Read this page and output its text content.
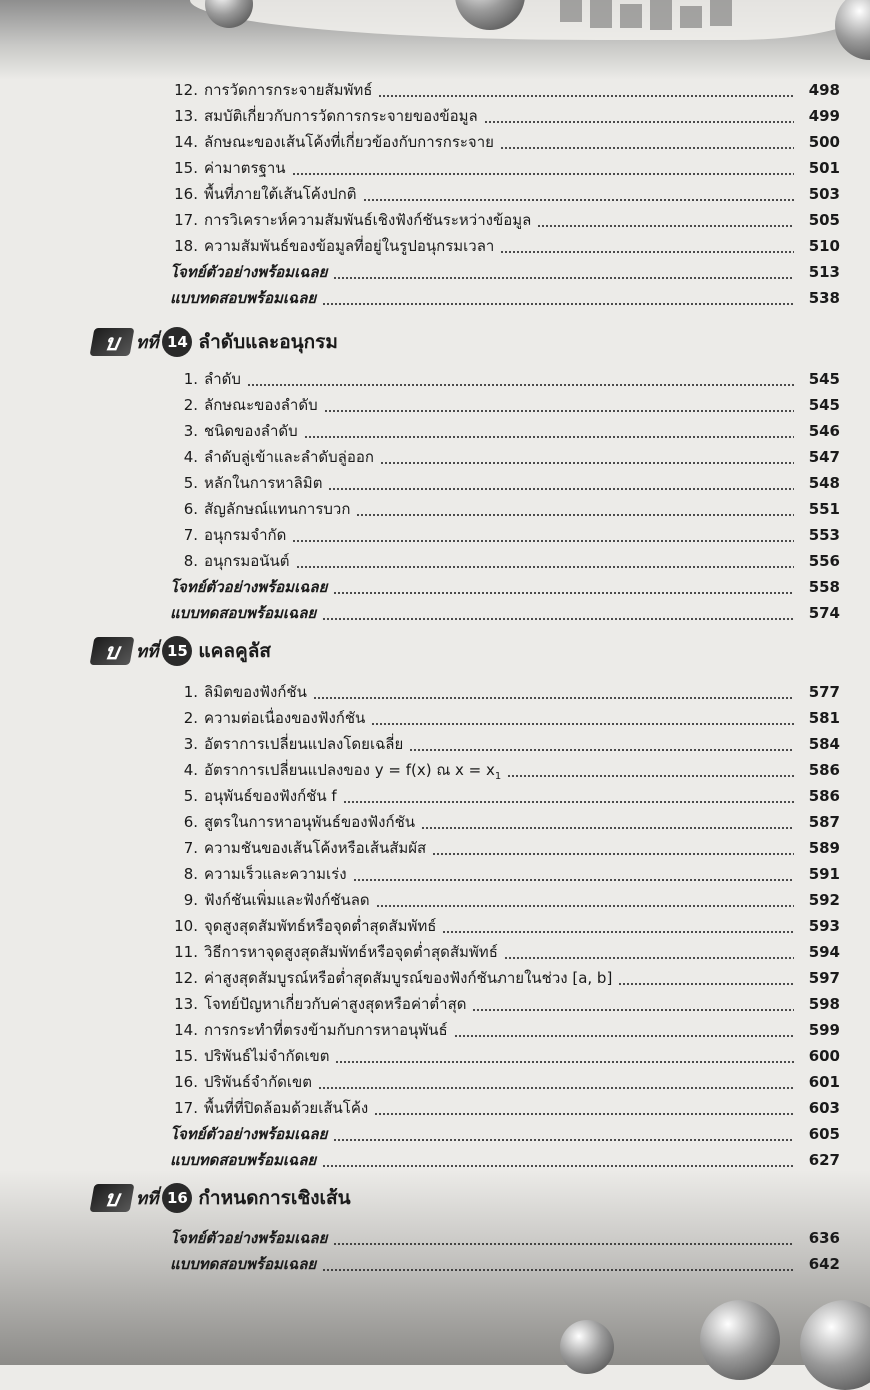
12. การวัดการกระจายสัมพัทธ์	498
13. สมบัติเกี่ยวกับการวัดการกระจายของข้อมูล	499
14. ลักษณะของเส้นโค้งที่เกี่ยวข้องกับการกระจาย	500
15. ค่ามาตรฐาน	501
16. พื้นที่ภายใต้เส้นโค้งปกติ	503
17. การวิเคราะห์ความสัมพันธ์เชิงฟังก์ชันระหว่างข้อมูล	505
18. ความสัมพันธ์ของข้อมูลที่อยู่ในรูปอนุกรมเวลา	510
โจทย์ตัวอย่างพร้อมเฉลย	513
แบบทดสอบพร้อมเฉลย	538
บ ทที่ 14 ลำดับและอนุกรม
1. ลำดับ	545
2. ลักษณะของลำดับ	545
3. ชนิดของลำดับ	546
4. ลำดับลู่เข้าและลำดับลู่ออก	547
5. หลักในการหาลิมิต	548
6. สัญลักษณ์แทนการบวก	551
7. อนุกรมจำกัด	553
8. อนุกรมอนันต์	556
โจทย์ตัวอย่างพร้อมเฉลย	558
แบบทดสอบพร้อมเฉลย	574
บ ทที่ 15 แคลคูลัส
1. ลิมิตของฟังก์ชัน	577
2. ความต่อเนื่องของฟังก์ชัน	581
3. อัตราการเปลี่ยนแปลงโดยเฉลี่ย	584
4. อัตราการเปลี่ยนแปลงของ y = f(x) ณ $x = x_1$	586
5. อนุพันธ์ของฟังก์ชัน f	586
6. สูตรในการหาอนุพันธ์ของฟังก์ชัน	587
7. ความชันของเส้นโค้งหรือเส้นสัมผัส	589
8. ความเร็วและความเร่ง	591
9. ฟังก์ชันเพิ่มและฟังก์ชันลด	592
10. จุดสูงสุดสัมพัทธ์หรือจุดต่ำสุดสัมพัทธ์	593
11. วิธีการหาจุดสูงสุดสัมพัทธ์หรือจุดต่ำสุดสัมพัทธ์	594
12. ค่าสูงสุดสัมบูรณ์หรือต่ำสุดสัมบูรณ์ของฟังก์ชันภายในช่วง [a, b]	597
13. โจทย์ปัญหาเกี่ยวกับค่าสูงสุดหรือค่าต่ำสุด	598
14. การกระทำที่ตรงข้ามกับการหาอนุพันธ์	599
15. ปริพันธ์ไม่จำกัดเขต	600
16. ปริพันธ์จำกัดเขต	601
17. พื้นที่ที่ปิดล้อมด้วยเส้นโค้ง	603
โจทย์ตัวอย่างพร้อมเฉลย	605
แบบทดสอบพร้อมเฉลย	627
บ ทที่ 16 กำหนดการเชิงเส้น
โจทย์ตัวอย่างพร้อมเฉลย	636
แบบทดสอบพร้อมเฉลย	642
